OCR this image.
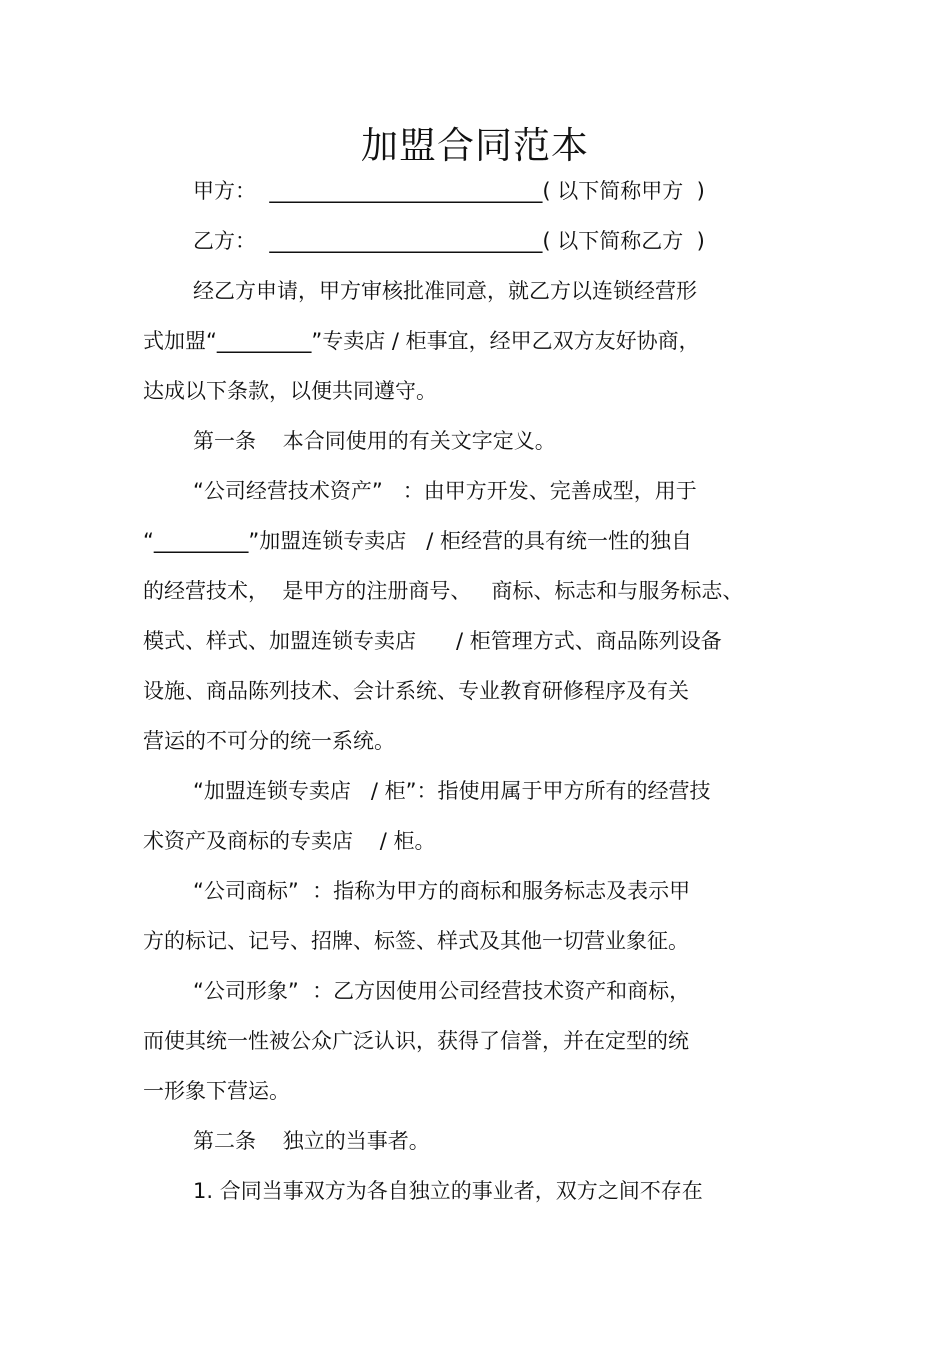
加盟合同范本
甲方：  __________________________( 以下简称甲方  )
乙方：  __________________________( 以下简称乙方  )
经乙方申请，甲方审核批准同意，就乙方以连锁经营形
式加盟“_________”专卖店 / 柜事宜，经甲乙双方友好协商，
达成以下条款，以便共同遵守。
第一条    本合同使用的有关文字定义。
“公司经营技术资产”   ：由甲方开发、完善成型，用于
“_________”加盟连锁专卖店   / 柜经营的具有统一性的独自
的经营技术，  是甲方的注册商号、   商标、标志和与服务标志、
模式、样式、加盟连锁专卖店      / 柜管理方式、商品陈列设备
设施、商品陈列技术、会计系统、专业教育研修程序及有关
营运的不可分的统一系统。
“加盟连锁专卖店   / 柜”：指使用属于甲方所有的经营技
术资产及商标的专卖店    / 柜。
“公司商标”  ：指称为甲方的商标和服务标志及表示甲
方的标记、记号、招牌、标签、样式及其他一切营业象征。
“公司形象”  ：乙方因使用公司经营技术资产和商标，
而使其统一性被公众广泛认识，获得了信誉，并在定型的统
一形象下营运。
第二条    独立的当事者。
1. 合同当事双方为各自独立的事业者，双方之间不存在
